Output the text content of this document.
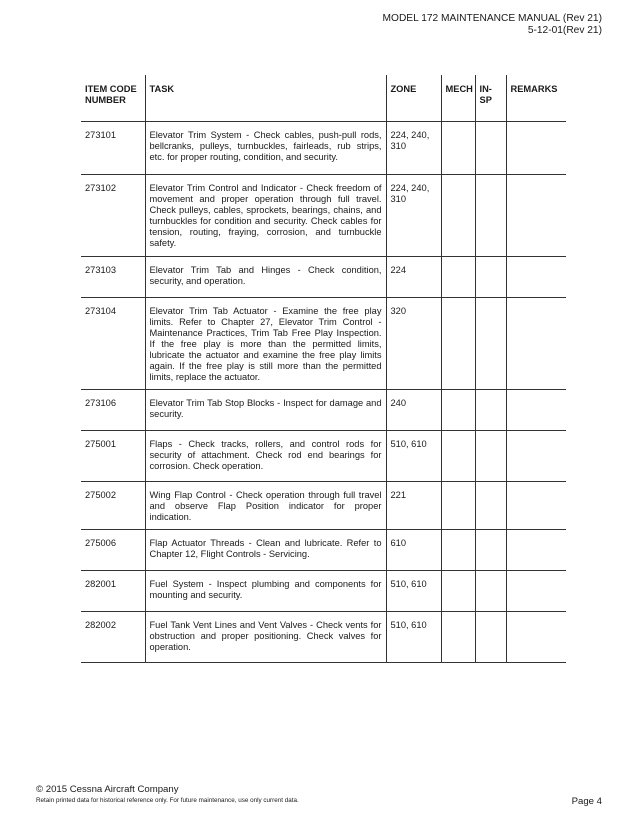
MODEL 172 MAINTENANCE MANUAL (Rev 21)
5-12-01(Rev 21)
ITEM CODE NUMBER	TASK	ZONE	MECH	IN- SP	REMARKS
273101	Elevator Trim System - Check cables, push-pull rods, bellcranks, pulleys, turnbuckles, fairleads, rub strips, etc. for proper routing, condition, and security.	224, 240, 310			
273102	Elevator Trim Control and Indicator - Check freedom of movement and proper operation through full travel. Check pulleys, cables, sprockets, bearings, chains, and turnbuckles for condition and security. Check cables for tension, routing, fraying, corrosion, and turnbuckle safety.	224, 240, 310			
273103	Elevator Trim Tab and Hinges - Check condition, security, and operation.	224			
273104	Elevator Trim Tab Actuator - Examine the free play limits. Refer to Chapter 27, Elevator Trim Control - Maintenance Practices, Trim Tab Free Play Inspection. If the free play is more than the permitted limits, lubricate the actuator and examine the free play limits again. If the free play is still more than the permitted limits, replace the actuator.	320			
273106	Elevator Trim Tab Stop Blocks - Inspect for damage and security.	240			
275001	Flaps - Check tracks, rollers, and control rods for security of attachment. Check rod end bearings for corrosion. Check operation.	510, 610			
275002	Wing Flap Control - Check operation through full travel and observe Flap Position indicator for proper indication.	221			
275006	Flap Actuator Threads - Clean and lubricate. Refer to Chapter 12, Flight Controls - Servicing.	610			
282001	Fuel System - Inspect plumbing and components for mounting and security.	510, 610			
282002	Fuel Tank Vent Lines and Vent Valves - Check vents for obstruction and proper positioning. Check valves for operation.	510, 610			
© 2015 Cessna Aircraft Company
Retain printed data for historical reference only. For future maintenance, use only current data.	Page 4
